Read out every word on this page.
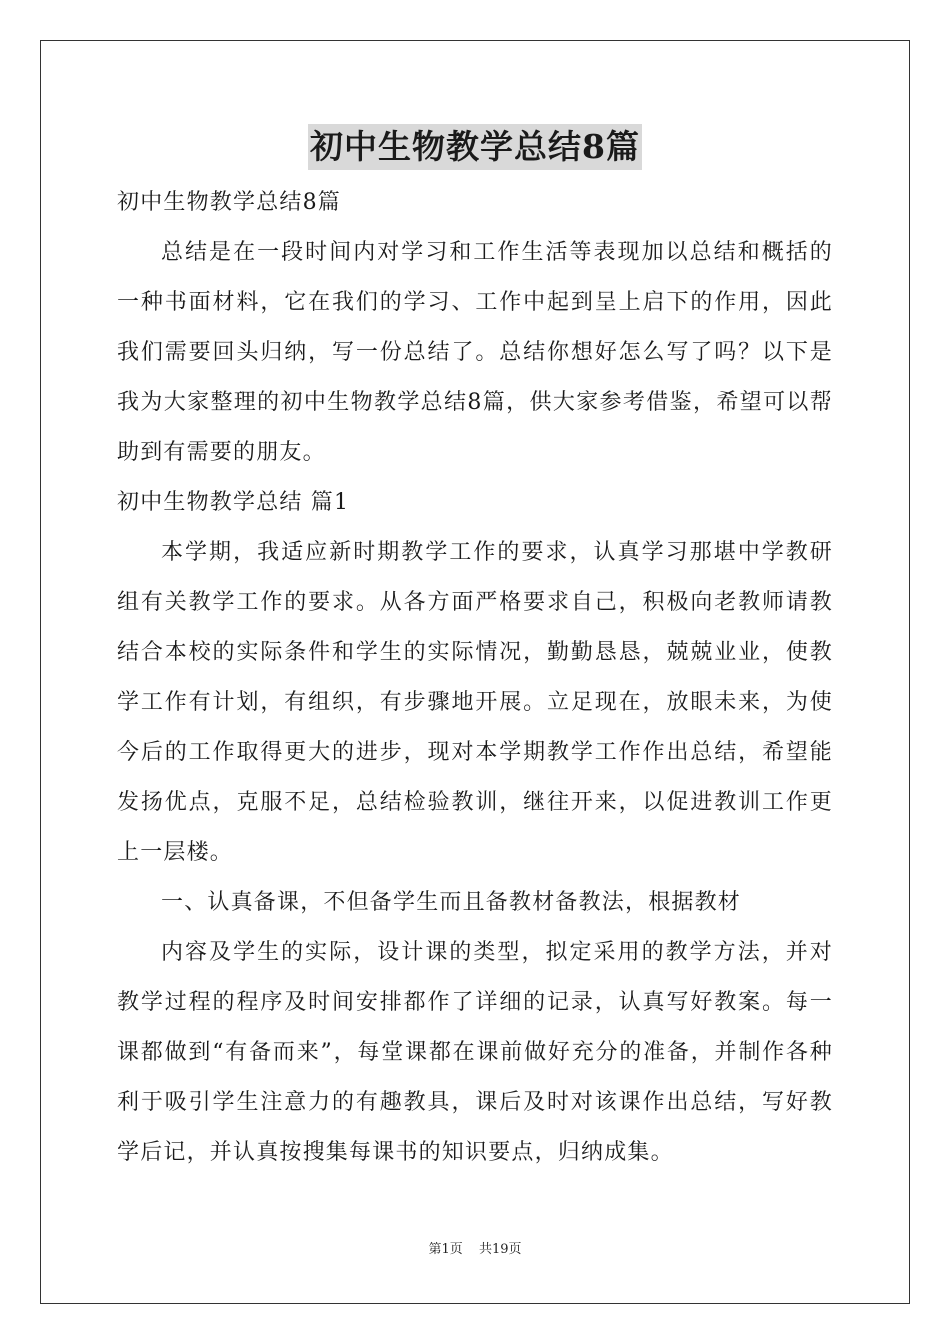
初中生物教学总结8篇

初中生物教学总结8篇

总结是在一段时间内对学习和工作生活等表现加以总结和概括的一种书面材料，它在我们的学习、工作中起到呈上启下的作用，因此我们需要回头归纳，写一份总结了。总结你想好怎么写了吗？以下是我为大家整理的初中生物教学总结8篇，供大家参考借鉴，希望可以帮助到有需要的朋友。

初中生物教学总结 篇1

本学期，我适应新时期教学工作的要求，认真学习那堪中学教研组有关教学工作的要求。从各方面严格要求自己，积极向老教师请教结合本校的实际条件和学生的实际情况，勤勤恳恳，兢兢业业，使教学工作有计划，有组织，有步骤地开展。立足现在，放眼未来，为使今后的工作取得更大的进步，现对本学期教学工作作出总结，希望能发扬优点，克服不足，总结检验教训，继往开来，以促进教训工作更上一层楼。

一、认真备课，不但备学生而且备教材备教法，根据教材

内容及学生的实际，设计课的类型，拟定采用的教学方法，并对教学过程的程序及时间安排都作了详细的记录，认真写好教案。每一课都做到“有备而来”，每堂课都在课前做好充分的准备，并制作各种利于吸引学生注意力的有趣教具，课后及时对该课作出总结，写好教学后记，并认真按搜集每课书的知识要点，归纳成集。

第1页 共19页
